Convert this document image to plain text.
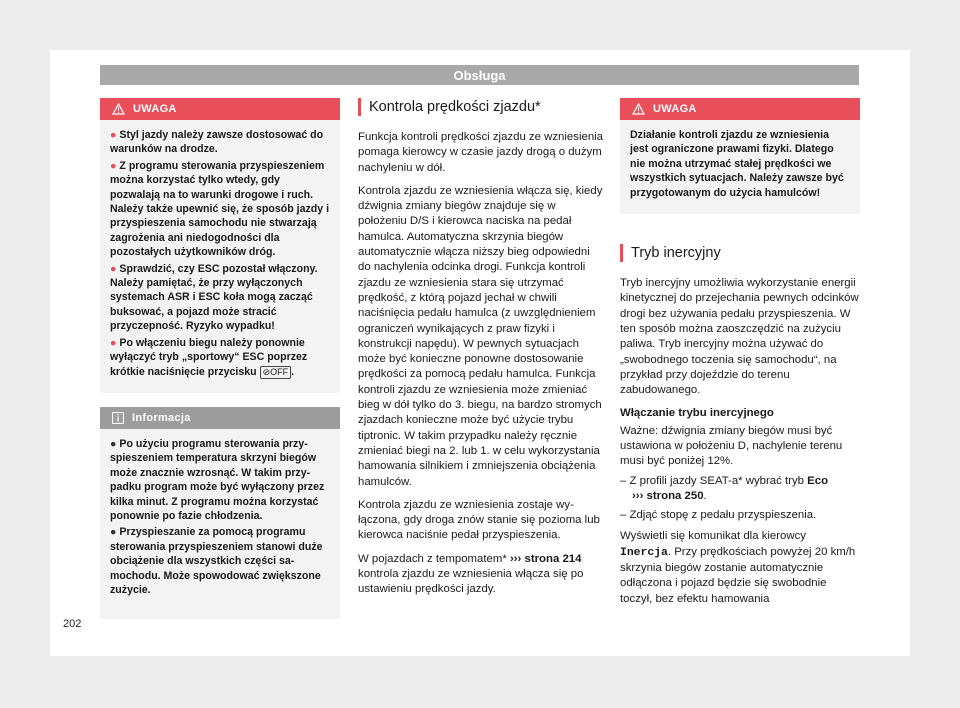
Obsługa
UWAGA

● Styl jazdy należy zawsze dostosować do warunków na drodze.

● Z programu sterowania przyspieszeniem można korzystać tylko wtedy, gdy pozwalają na to warunki drogowe i ruch. Należy także upewnić się, że sposób jazdy i przyspieszenia samochodu nie stwarzają zagrożenia ani niedogodności dla pozostałych użytkowników dróg.

● Sprawdzić, czy ESC pozostał włączony. Należy pamiętać, że przy wyłączonych systemach ASR i ESC koła mogą zacząć buksować, a pojazd może stracić przyczepność. Ryzyko wypadku!

● Po włączeniu biegu należy ponownie wyłączyć tryb „sportowy“ ESC poprzez krótkie naciśnięcie przycisku ⊘OFF .

Informacja

● Po użyciu programu sterowania przyspieszeniem temperatura skrzyni biegów może znacznie wzrosnąć. W takim przypadku program może być wyłączony przez kilka minut. Z programu można korzystać ponownie po fazie chłodzenia.

● Przyspieszanie za pomocą programu sterowania przyspieszeniem stanowi duże obciążenie dla wszystkich części samochodu. Może spowodować zwiększone zużycie.

Kontrola prędkości zjazdu*

Funkcja kontroli prędkości zjazdu ze wzniesienia pomaga kierowcy w czasie jazdy drogą o dużym nachyleniu w dół.

Kontrola zjazdu ze wzniesienia włącza się, kiedy dźwignia zmiany biegów znajduje się w położeniu D/S i kierowca naciska na pedał hamulca. Automatyczna skrzynia biegów automatycznie włącza niższy bieg odpowiedni do nachylenia odcinka drogi. Funkcja kontroli zjazdu ze wzniesienia stara się utrzymać prędkość, z którą pojazd jechał w chwili naciśnięcia pedału hamulca (z uwzględnieniem ograniczeń wynikających z praw fizyki i konstrukcji napędu). W pewnych sytuacjach może być konieczne ponowne dostosowanie prędkości za pomocą pedału hamulca. Funkcja kontroli zjazdu ze wzniesienia może zmieniać bieg w dół tylko do 3. biegu, na bardzo stromych zjazdach konieczne może być użycie trybu tiptronic. W takim przypadku należy ręcznie zmieniać biegi na 2. lub 1. w celu wykorzystania hamowania silnikiem i zmniejszenia obciążenia hamulców.

Kontrola zjazdu ze wzniesienia zostaje wyłączona, gdy droga znów stanie się pozioma lub kierowca naciśnie pedał przyspieszenia.

W pojazdach z tempomatem* ››› strona 214 kontrola zjazdu ze wzniesienia włącza się po ustawieniu prędkości jazdy.

UWAGA

Działanie kontroli zjazdu ze wzniesienia jest ograniczone prawami fizyki. Dlatego nie można utrzymać stałej prędkości we wszystkich sytuacjach. Należy zawsze być przygotowanym do użycia hamulców!

Tryb inercyjny

Tryb inercyjny umożliwia wykorzystanie energii kinetycznej do przejechania pewnych odcinków drogi bez używania pedału przyspieszenia. W ten sposób można zaoszczędzić na zużyciu paliwa. Tryb inercyjny można używać do „swobodnego toczenia się samochodu“, na przykład przy dojeździe do terenu zabudowanego.

Włączanie trybu inercyjnego

Ważne: dźwignia zmiany biegów musi być ustawiona w położeniu D, nachylenie terenu musi być poniżej 12%.

– Z profili jazdy SEAT-a* wybrać tryb Eco
››› strona 250.

– Zdjąć stopę z pedału przyspieszenia.

Wyświetli się komunikat dla kierowcy Inercja. Przy prędkościach powyżej 20 km/h skrzynia biegów zostanie automatycznie odłączona i pojazd będzie się swobodnie toczył, bez efektu hamowania

202
